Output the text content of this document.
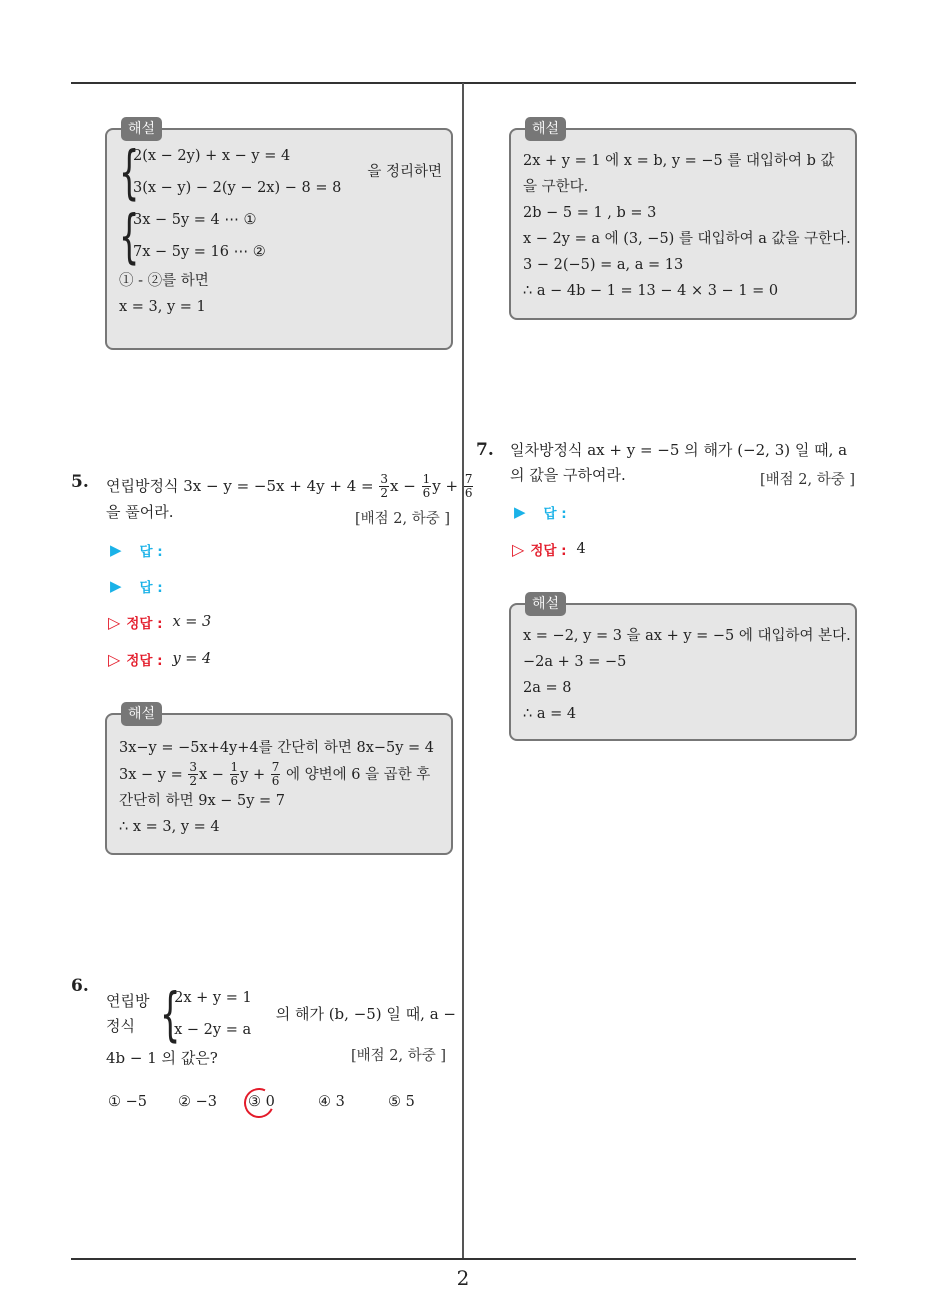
2
해설
{
2(x − 2y) + x − y = 4
3(x − y) − 2(y − 2x) − 8 = 8
을 정리하면
{
3x − 5y = 4 ⋯ ①
7x − 5y = 16 ⋯ ②
① - ②를 하면
x = 3, y = 1
5. 연립방정식 3x − y = −5x + 4y + 4 =
$\frac{3}{2}$ x −
$\frac{1}{6}$ y +
$\frac{7}{6}$
을 풀어라.	[배점 2, 하중 ]
▶ 답 :
▶ 답 :
▷ 정답 : x = 3
▷ 정답 : y = 4
해설
3x−y = −5x+4y+4를 간단히 하면 8x−5y = 4
3x − y =
$\frac{3}{2}$ x −
$\frac{1}{6}$ y +
$\frac{7}{6}$
에 양변에 6 을 곱한 후
간단히 하면 9x − 5y = 7
∴ x = 3, y = 4
6.
연립방정식 {
2x + y = 1
x − 2y = a
의 해가 (b, −5) 일 때, a −
4b − 1 의 값은?	[배점 2, 하중 ]
① −5	② −3	③ 0	④ 3	⑤ 5
해설
2x + y = 1 에 x = b, y = −5 를 대입하여 b 값을 구한다.
2b − 5 = 1 , b = 3
x − 2y = a 에 (3, −5) 를 대입하여 a 값을 구한다.
3 − 2(−5) = a, a = 13
∴ a − 4b − 1 = 13 − 4 × 3 − 1 = 0
7. 일차방정식 ax + y = −5 의 해가 (−2, 3) 일 때, a 의 값을 구하여라.	[배점 2, 하중 ]
▶ 답 :
▷ 정답 : 4
해설
x = −2, y = 3 을 ax + y = −5 에 대입하여 본다.
−2a + 3 = −5
2a = 8
∴ a = 4
